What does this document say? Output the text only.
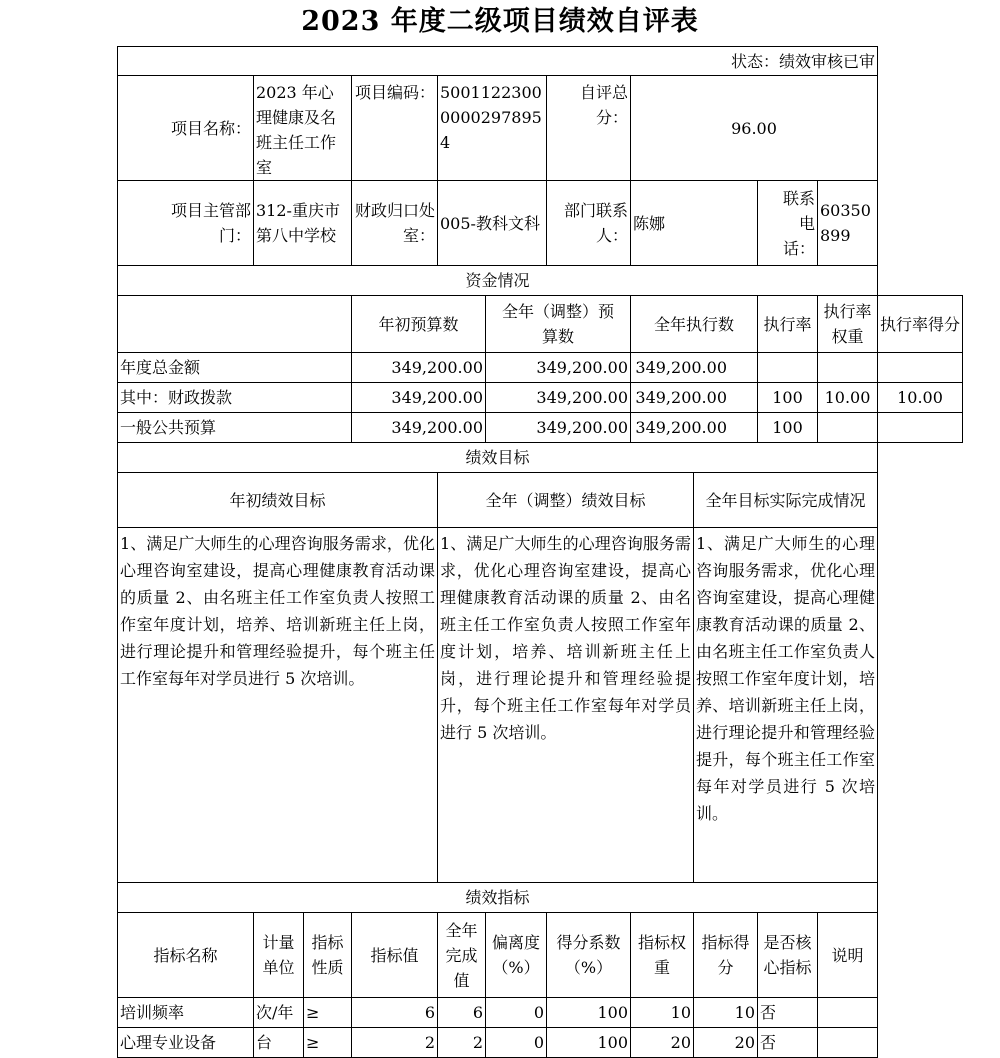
2023 年度二级项目绩效自评表
状态：绩效审核已审											
项目名称：	2023 年心理健康及名班主任工作室		项目编码：	500112230000002978954		自评总分：	96.00				
项目主管部门：	312-重庆市第八中学校		财政归口处室：	005-教科文科		部门联系人：	陈娜		联系电话：	60350899	
资金情况											
			年初预算数		全年（调整）预算数		全年执行数		执行率	执行率权重	执行率得分
年度总金额			349,200.00		349,200.00		349,200.00				
其中：财政拨款			349,200.00		349,200.00		349,200.00		100	10.00	10.00
一般公共预算			349,200.00		349,200.00		349,200.00		100		
绩效目标											
年初绩效目标				全年（调整）绩效目标				全年目标实际完成情况			
1、满足广大师生的心理咨询服务需求，优化心理咨询室建设，提高心理健康教育活动课的质量 2、由名班主任工作室负责人按照工作室年度计划，培养、培训新班主任上岗，进行理论提升和管理经验提升，每个班主任工作室每年对学员进行 5 次培训。				1、满足广大师生的心理咨询服务需求，优化心理咨询室建设，提高心理健康教育活动课的质量 2、由名班主任工作室负责人按照工作室年度计划，培养、培训新班主任上岗，进行理论提升和管理经验提升，每个班主任工作室每年对学员进行 5 次培训。				1、满足广大师生的心理咨询服务需求，优化心理咨询室建设，提高心理健康教育活动课的质量 2、由名班主任工作室负责人按照工作室年度计划，培养、培训新班主任上岗，进行理论提升和管理经验提升，每个班主任工作室每年对学员进行 5 次培训。			
绩效指标											
指标名称	计量单位	指标性质	指标值	全年完成值	偏离度（%）	得分系数（%）	指标权重	指标得分	是否核心指标	说明	
培训频率	次/年	≥	6	6	0	100	10	10	否		
心理专业设备	台	≥	2	2	0	100	20	20	否		
